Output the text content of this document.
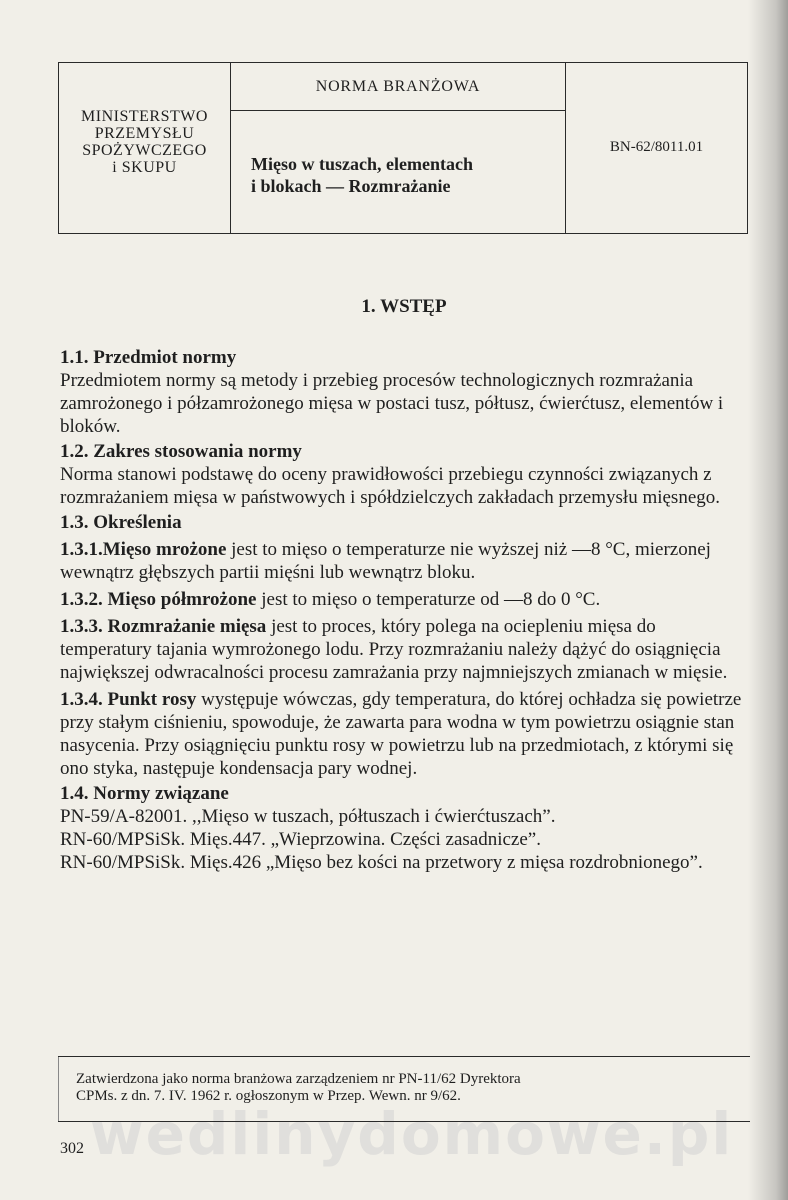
wedlinydomowe.pl
MINISTERSTWO
PRZEMYSŁU
SPOŻYWCZEGO
i SKUPU
NORMA BRANŻOWA
Mięso w tuszach, elementach
i blokach — Rozmrażanie
BN-62/8011.01
1. WSTĘP

1.1. Przedmiot normy

Przedmiotem normy są metody i przebieg procesów technologicznych rozmrażania zamrożonego i półzamrożonego mięsa w postaci tusz, półtusz, ćwierćtusz, elementów i bloków.

1.2. Zakres stosowania normy

Norma stanowi podstawę do oceny prawidłowości przebiegu czynności związanych z rozmrażaniem mięsa w państwowych i spółdzielczych zakładach przemysłu mięsnego.

1.3. Określenia

1.3.1.Mięso mrożone jest to mięso o temperaturze nie wyższej niż —8 °C, mierzonej wewnątrz głębszych partii mięśni lub wewnątrz bloku.

1.3.2. Mięso półmrożone jest to mięso o temperaturze od —8 do 0 °C.

1.3.3. Rozmrażanie mięsa jest to proces, który polega na ociepleniu mięsa do temperatury tajania wymrożonego lodu. Przy rozmrażaniu należy dążyć do osiągnięcia największej odwracalności procesu zamrażania przy najmniejszych zmianach w mięsie.

1.3.4. Punkt rosy występuje wówczas, gdy temperatura, do której ochładza się powietrze przy stałym ciśnieniu, spowoduje, że zawarta para wodna w tym powietrzu osiągnie stan nasycenia. Przy osiągnięciu punktu rosy w powietrzu lub na przedmiotach, z którymi się ono styka, następuje kondensacja pary wodnej.

1.4. Normy związane

PN-59/A-82001. ,,Mięso w tuszach, półtuszach i ćwierćtuszach”.

RN-60/MPSiSk. Mięs.447. „Wieprzowina. Części zasadnicze”.

RN-60/MPSiSk. Mięs.426 „Mięso bez kości na przetwory z mięsa rozdrobnionego”.

Zatwierdzona jako norma branżowa zarządzeniem nr PN-11/62 Dyrektora
CPMs. z dn. 7. IV. 1962 r. ogłoszonym w Przep. Wewn. nr 9/62.
302
